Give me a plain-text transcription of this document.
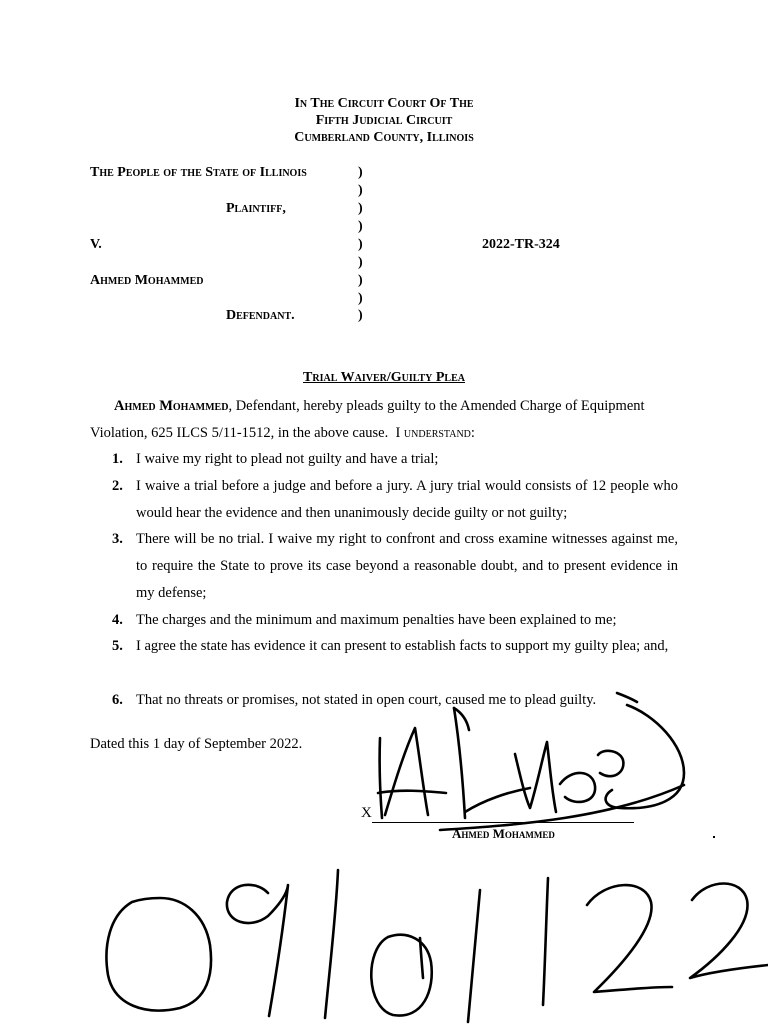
In The Circuit Court Of The
Fifth Judicial Circuit
Cumberland County, Illinois
The People of the State of Illinois
Plaintiff,
V.	2022-TR-324
Ahmed Mohammed
Defendant.
)
)
)
)
)
)
)
)
)
Trial Waiver/Guilty Plea
Ahmed Mohammed, Defendant, hereby pleads guilty to the Amended Charge of Equipment
Violation, 625 ILCS 5/11-1512, in the above cause.  I understand:
1. I waive my right to plead not guilty and have a trial;
2. I waive a trial before a judge and before a jury. A jury trial would consists of 12 people who would hear the evidence and then unanimously decide guilty or not guilty;
3. There will be no trial. I waive my right to confront and cross examine witnesses against me, to require the State to prove its case beyond a reasonable doubt, and to present evidence in my defense;
4. The charges and the minimum and maximum penalties have been explained to me;
5. I agree the state has evidence it can present to establish facts to support my guilty plea; and,
6. That no threats or promises, not stated in open court, caused me to plead guilty.
Dated this 1 day of September 2022.
X
Ahmed Mohammed
